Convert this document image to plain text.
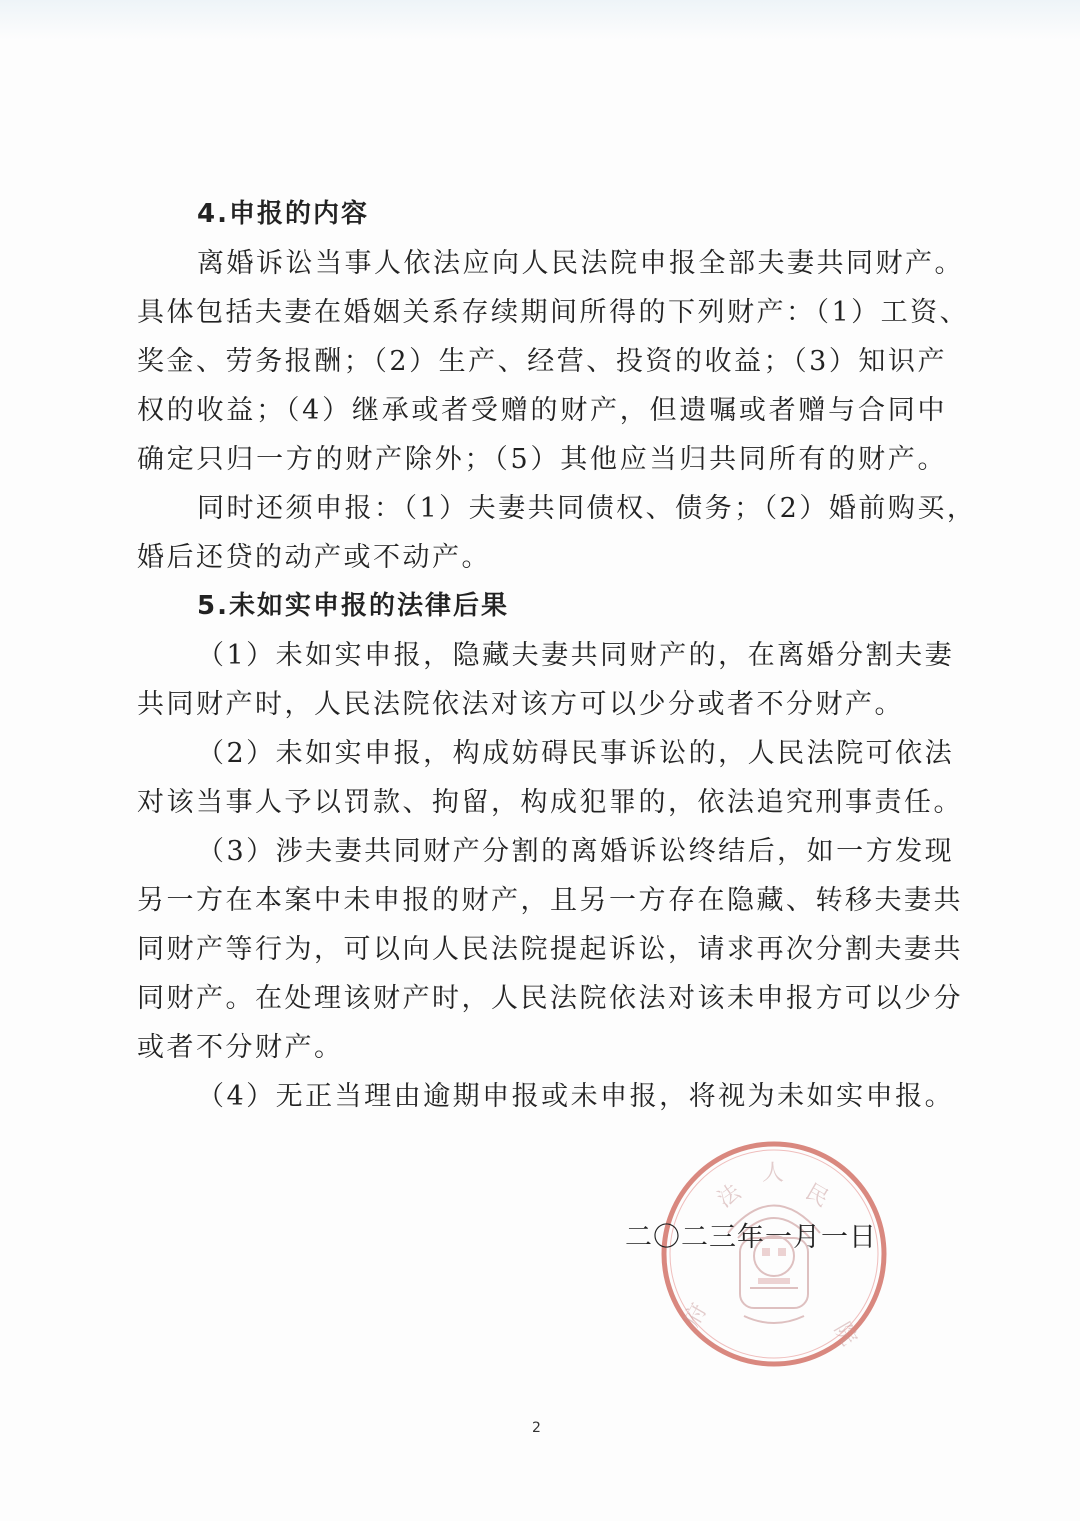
4.申报的内容
离婚诉讼当事人依法应向人民法院申报全部夫妻共同财产。
具体包括夫妻在婚姻关系存续期间所得的下列财产：（1）工资、
奖金、劳务报酬；（2）生产、经营、投资的收益；（3）知识产
权的收益；（4）继承或者受赠的财产，但遗嘱或者赠与合同中
确定只归一方的财产除外；（5）其他应当归共同所有的财产。
同时还须申报：（1）夫妻共同债权、债务；（2）婚前购买，
婚后还贷的动产或不动产。
5.未如实申报的法律后果
（1）未如实申报，隐藏夫妻共同财产的，在离婚分割夫妻
共同财产时，人民法院依法对该方可以少分或者不分财产。
（2）未如实申报，构成妨碍民事诉讼的，人民法院可依法
对该当事人予以罚款、拘留，构成犯罪的，依法追究刑事责任。
（3）涉夫妻共同财产分割的离婚诉讼终结后，如一方发现
另一方在本案中未申报的财产，且另一方存在隐藏、转移夫妻共
同财产等行为，可以向人民法院提起诉讼，请求再次分割夫妻共
同财产。在处理该财产时，人民法院依法对该未申报方可以少分
或者不分财产。
（4）无正当理由逾期申报或未申报，将视为未如实申报。
法
人
民
院
府
二〇二三年一月一日
2
